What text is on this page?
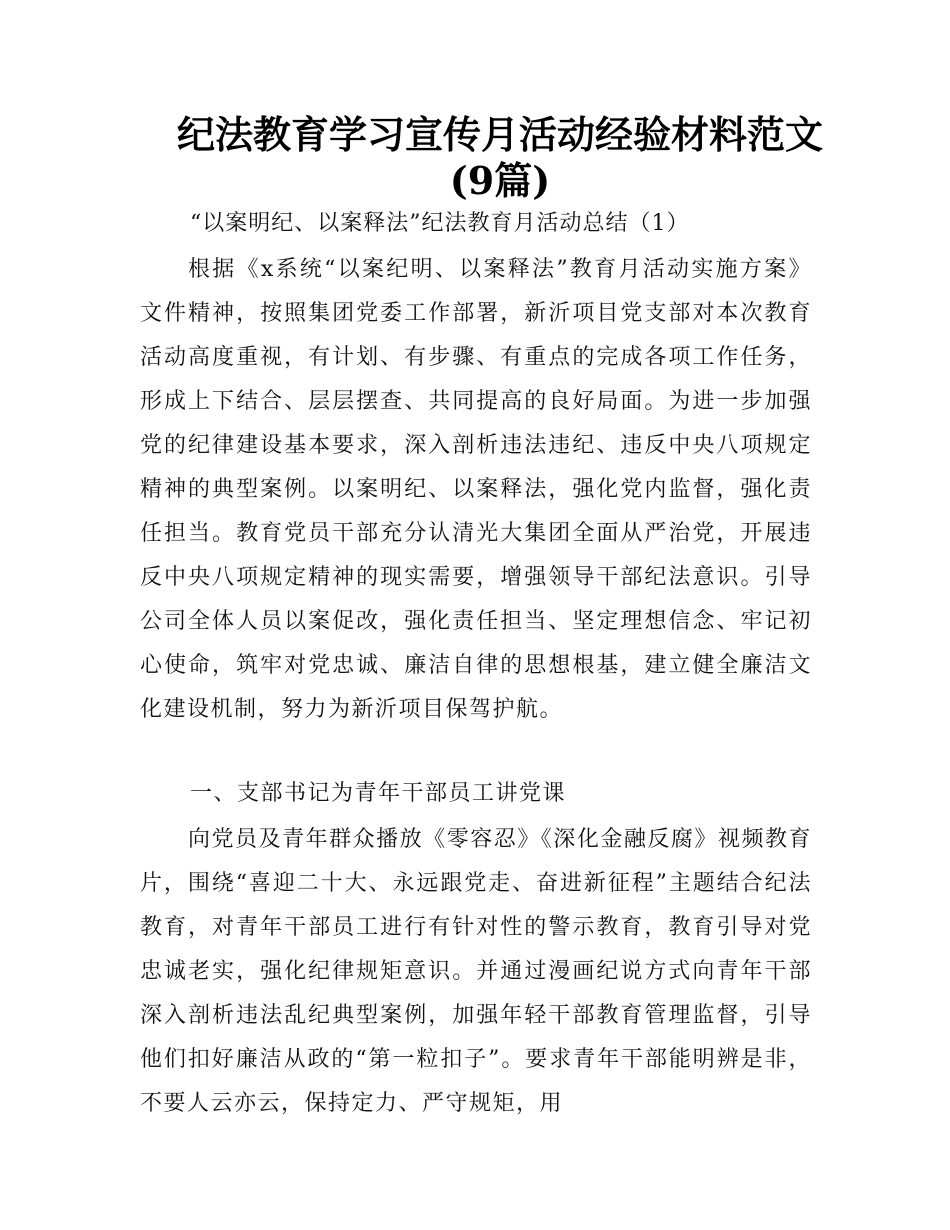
纪法教育学习宣传月活动经验材料范文
(9篇)
“以案明纪、以案释法”纪法教育月活动总结（1）

根据《x系统“以案纪明、以案释法”教育月活动实施方案》文件精神，按照集团党委工作部署，新沂项目党支部对本次教育活动高度重视，有计划、有步骤、有重点的完成各项工作任务，形成上下结合、层层摆查、共同提高的良好局面。为进一步加强党的纪律建设基本要求，深入剖析违法违纪、违反中央八项规定精神的典型案例。以案明纪、以案释法，强化党内监督，强化责任担当。教育党员干部充分认清光大集团全面从严治党，开展违反中央八项规定精神的现实需要，增强领导干部纪法意识。引导公司全体人员以案促改，强化责任担当、坚定理想信念、牢记初心使命，筑牢对党忠诚、廉洁自律的思想根基，建立健全廉洁文化建设机制，努力为新沂项目保驾护航。

一、支部书记为青年干部员工讲党课

向党员及青年群众播放《零容忍》《深化金融反腐》视频教育片，围绕“喜迎二十大、永远跟党走、奋进新征程”主题结合纪法教育，对青年干部员工进行有针对性的警示教育，教育引导对党忠诚老实，强化纪律规矩意识。并通过漫画纪说方式向青年干部深入剖析违法乱纪典型案例，加强年轻干部教育管理监督，引导他们扣好廉洁从政的“第一粒扣子”。要求青年干部能明辨是非，不要人云亦云，保持定力、严守规矩，用
